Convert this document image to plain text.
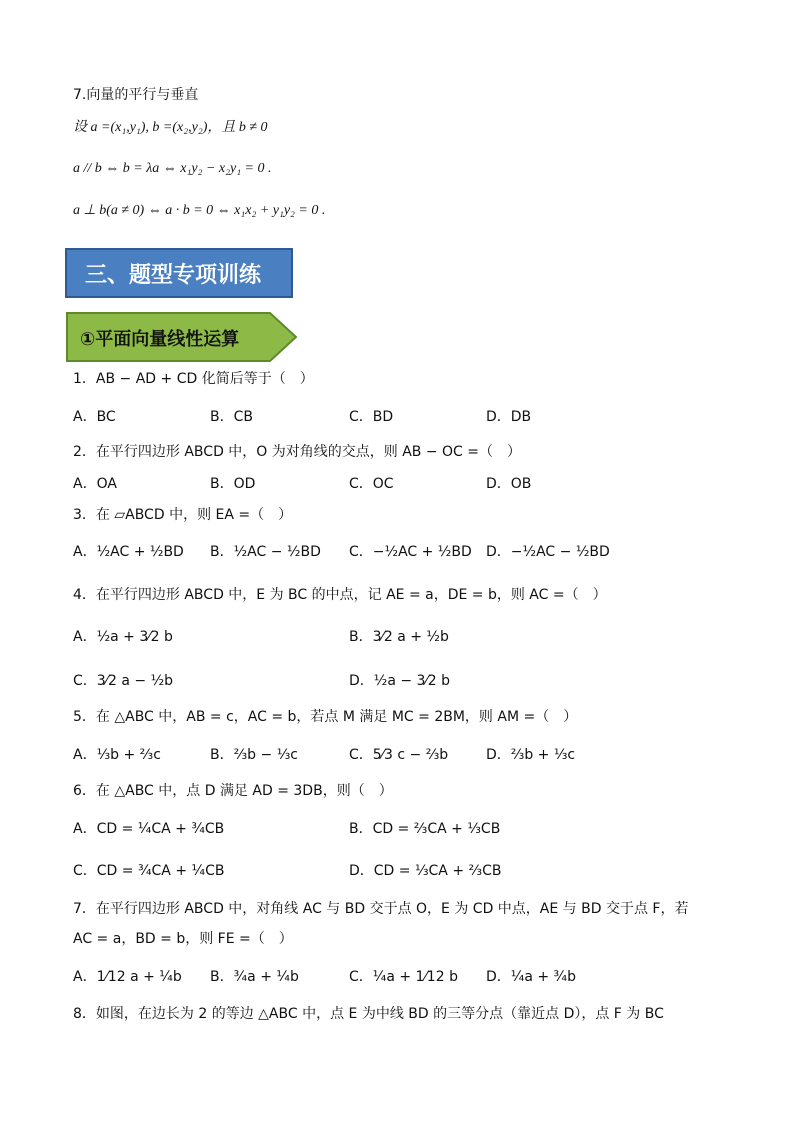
7.向量的平行与垂直
设 a =(x₁,y₁), b =(x₂,y₂)，且 b ≠ 0
a // b ⇔ b = λa ⇔ x₁y₂ − x₂y₁ = 0 .
a ⊥ b(a ≠ 0) ⇔ a · b = 0 ⇔ x₁x₂ + y₁y₂ = 0 .
三、题型专项训练
①平面向量线性运算
1．AB − AD + CD 化简后等于（　）
A．BC	B．CB	C．BD	D．DB
2．在平行四边形 ABCD 中，O 为对角线的交点，则 AB − OC =（　）
A．OA	B．OD	C．OC	D．OB
3．在 ▱ABCD 中，则 EA =（　）
A．½AC + ½BD B．½AC − ½BD C．−½AC + ½BD D．−½AC − ½BD
4．在平行四边形 ABCD 中，E 为 BC 的中点，记 AE = a，DE = b，则 AC =（　）
A．½a + 3⁄2 b	B．3⁄2 a + ½b
C．3⁄2 a − ½b	D．½a − 3⁄2 b
5．在 △ABC 中，AB = c，AC = b，若点 M 满足 MC = 2BM，则 AM =（　）
A．⅓b + ⅔c	B．⅔b − ⅓c	C．5⁄3 c − ⅔b	D．⅔b + ⅓c
6．在 △ABC 中，点 D 满足 AD = 3DB，则（　）
A．CD = ¼CA + ¾CB	B．CD = ⅔CA + ⅓CB
C．CD = ¾CA + ¼CB	D．CD = ⅓CA + ⅔CB
7．在平行四边形 ABCD 中，对角线 AC 与 BD 交于点 O，E 为 CD 中点，AE 与 BD 交于点 F，若
AC = a，BD = b，则 FE =（　）
A．1⁄12 a + ¼b B．¾a + ¼b	C．¼a + 1⁄12 b D．¼a + ¾b
8．如图，在边长为 2 的等边 △ABC 中，点 E 为中线 BD 的三等分点（靠近点 D），点 F 为 BC
